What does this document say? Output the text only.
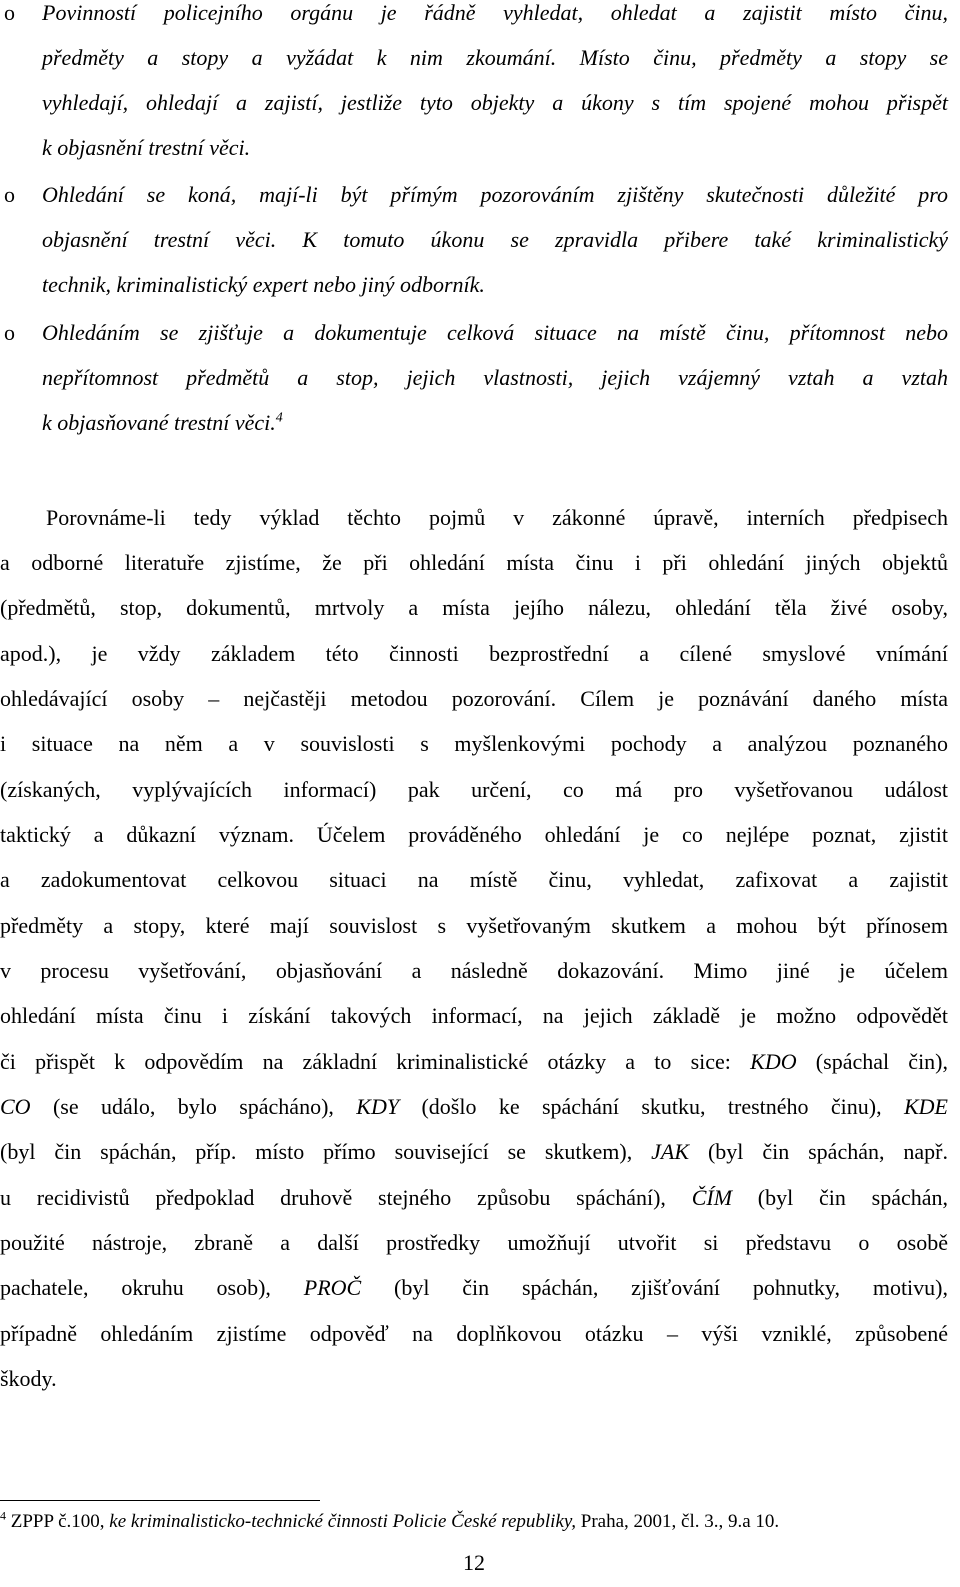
o Povinností policejního orgánu je řádně vyhledat, ohledat a zajistit místo činu,
předměty a stopy a vyžádat k nim zkoumání. Místo činu, předměty a stopy se
vyhledají, ohledají a zajistí, jestliže tyto objekty a úkony s tím spojené mohou přispět
k objasnění trestní věci.
o Ohledání se koná, mají-li být přímým pozorováním zjištěny skutečnosti důležité pro
objasnění trestní věci. K tomuto úkonu se zpravidla přibere také kriminalistický
technik, kriminalistický expert nebo jiný odborník.
o Ohledáním se zjišťuje a dokumentuje celková situace na místě činu, přítomnost nebo
nepřítomnost předmětů a stop, jejich vlastnosti, jejich vzájemný vztah a vztah
k objasňované trestní věci.$^4$
Porovnáme-li tedy výklad těchto pojmů v zákonné úpravě, interních předpisech
a odborné literatuře zjistíme, že při ohledání místa činu i při ohledání jiných objektů
(předmětů, stop, dokumentů, mrtvoly a místa jejího nálezu, ohledání těla živé osoby,
apod.), je vždy základem této činnosti bezprostřední a cílené smyslové vnímání
ohledávající osoby – nejčastěji metodou pozorování. Cílem je poznávání daného místa
i situace na něm a v souvislosti s myšlenkovými pochody a analýzou poznaného
(získaných, vyplývajících informací) pak určení, co má pro vyšetřovanou událost
taktický a důkazní význam. Účelem prováděného ohledání je co nejlépe poznat, zjistit
a zadokumentovat celkovou situaci na místě činu, vyhledat, zafixovat a zajistit
předměty a stopy, které mají souvislost s vyšetřovaným skutkem a mohou být přínosem
v procesu vyšetřování, objasňování a následně dokazování. Mimo jiné je účelem
ohledání místa činu i získání takových informací, na jejich základě je možno odpovědět
či přispět k odpovědím na základní kriminalistické otázky a to sice: KDO (spáchal čin),
CO (se událo, bylo spácháno), KDY (došlo ke spáchání skutku, trestného činu), KDE
(byl čin spáchán, příp. místo přímo související se skutkem), JAK (byl čin spáchán, např.
u recidivistů předpoklad druhově stejného způsobu spáchání), ČÍM (byl čin spáchán,
použité nástroje, zbraně a další prostředky umožňují utvořit si představu o osobě
pachatele, okruhu osob), PROČ (byl čin spáchán, zjišťování pohnutky, motivu),
případně ohledáním zjistíme odpověď na doplňkovou otázku – výši vzniklé, způsobené
škody.
$^4$ ZPPP č.100, ke kriminalisticko-technické činnosti Policie České republiky, Praha, 2001, čl. 3., 9.a 10.
12
